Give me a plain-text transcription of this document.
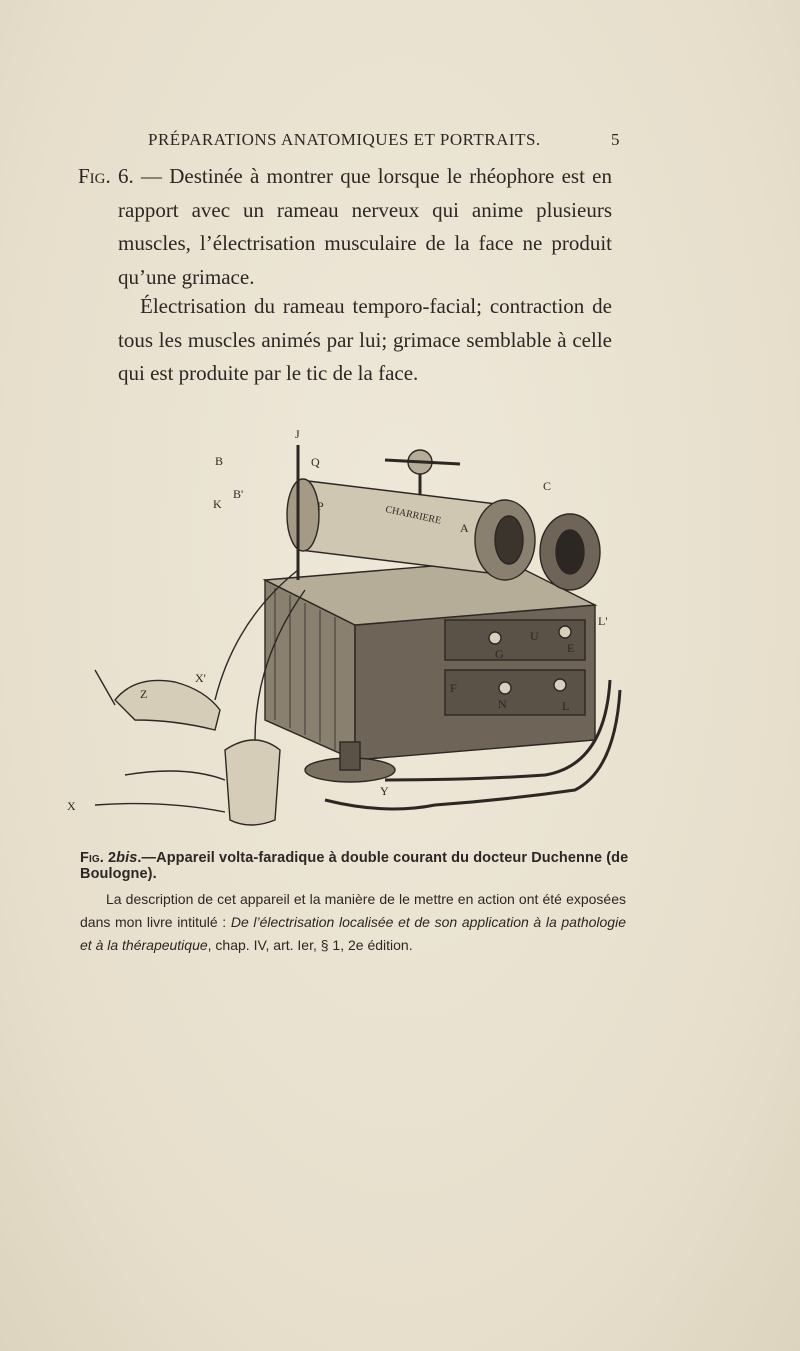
PRÉPARATIONS ANATOMIQUES ET PORTRAITS.	5
Fig. 6. — Destinée à montrer que lorsque le rhéophore est en rapport avec un rameau nerveux qui anime plusieurs muscles, l’électrisation musculaire de la face ne produit qu’une grimace.
Électrisation du rameau temporo-facial; contraction de tous les muscles animés par lui; grimace semblable à celle qui est produite par le tic de la face.
J
B
B'
K
Q
P
C
CHARRIERE
A
L'
X'
Z
Y
X
G
U
E
N	L
F
Fig. 2bis.—Appareil volta-faradique à double courant du docteur Duchenne (de Boulogne).
La description de cet appareil et la manière de le mettre en action ont été exposées dans mon livre intitulé : De l’électrisation localisée et de son application à la pathologie et à la thérapeutique, chap. IV, art. Ier, § 1, 2e édition.
